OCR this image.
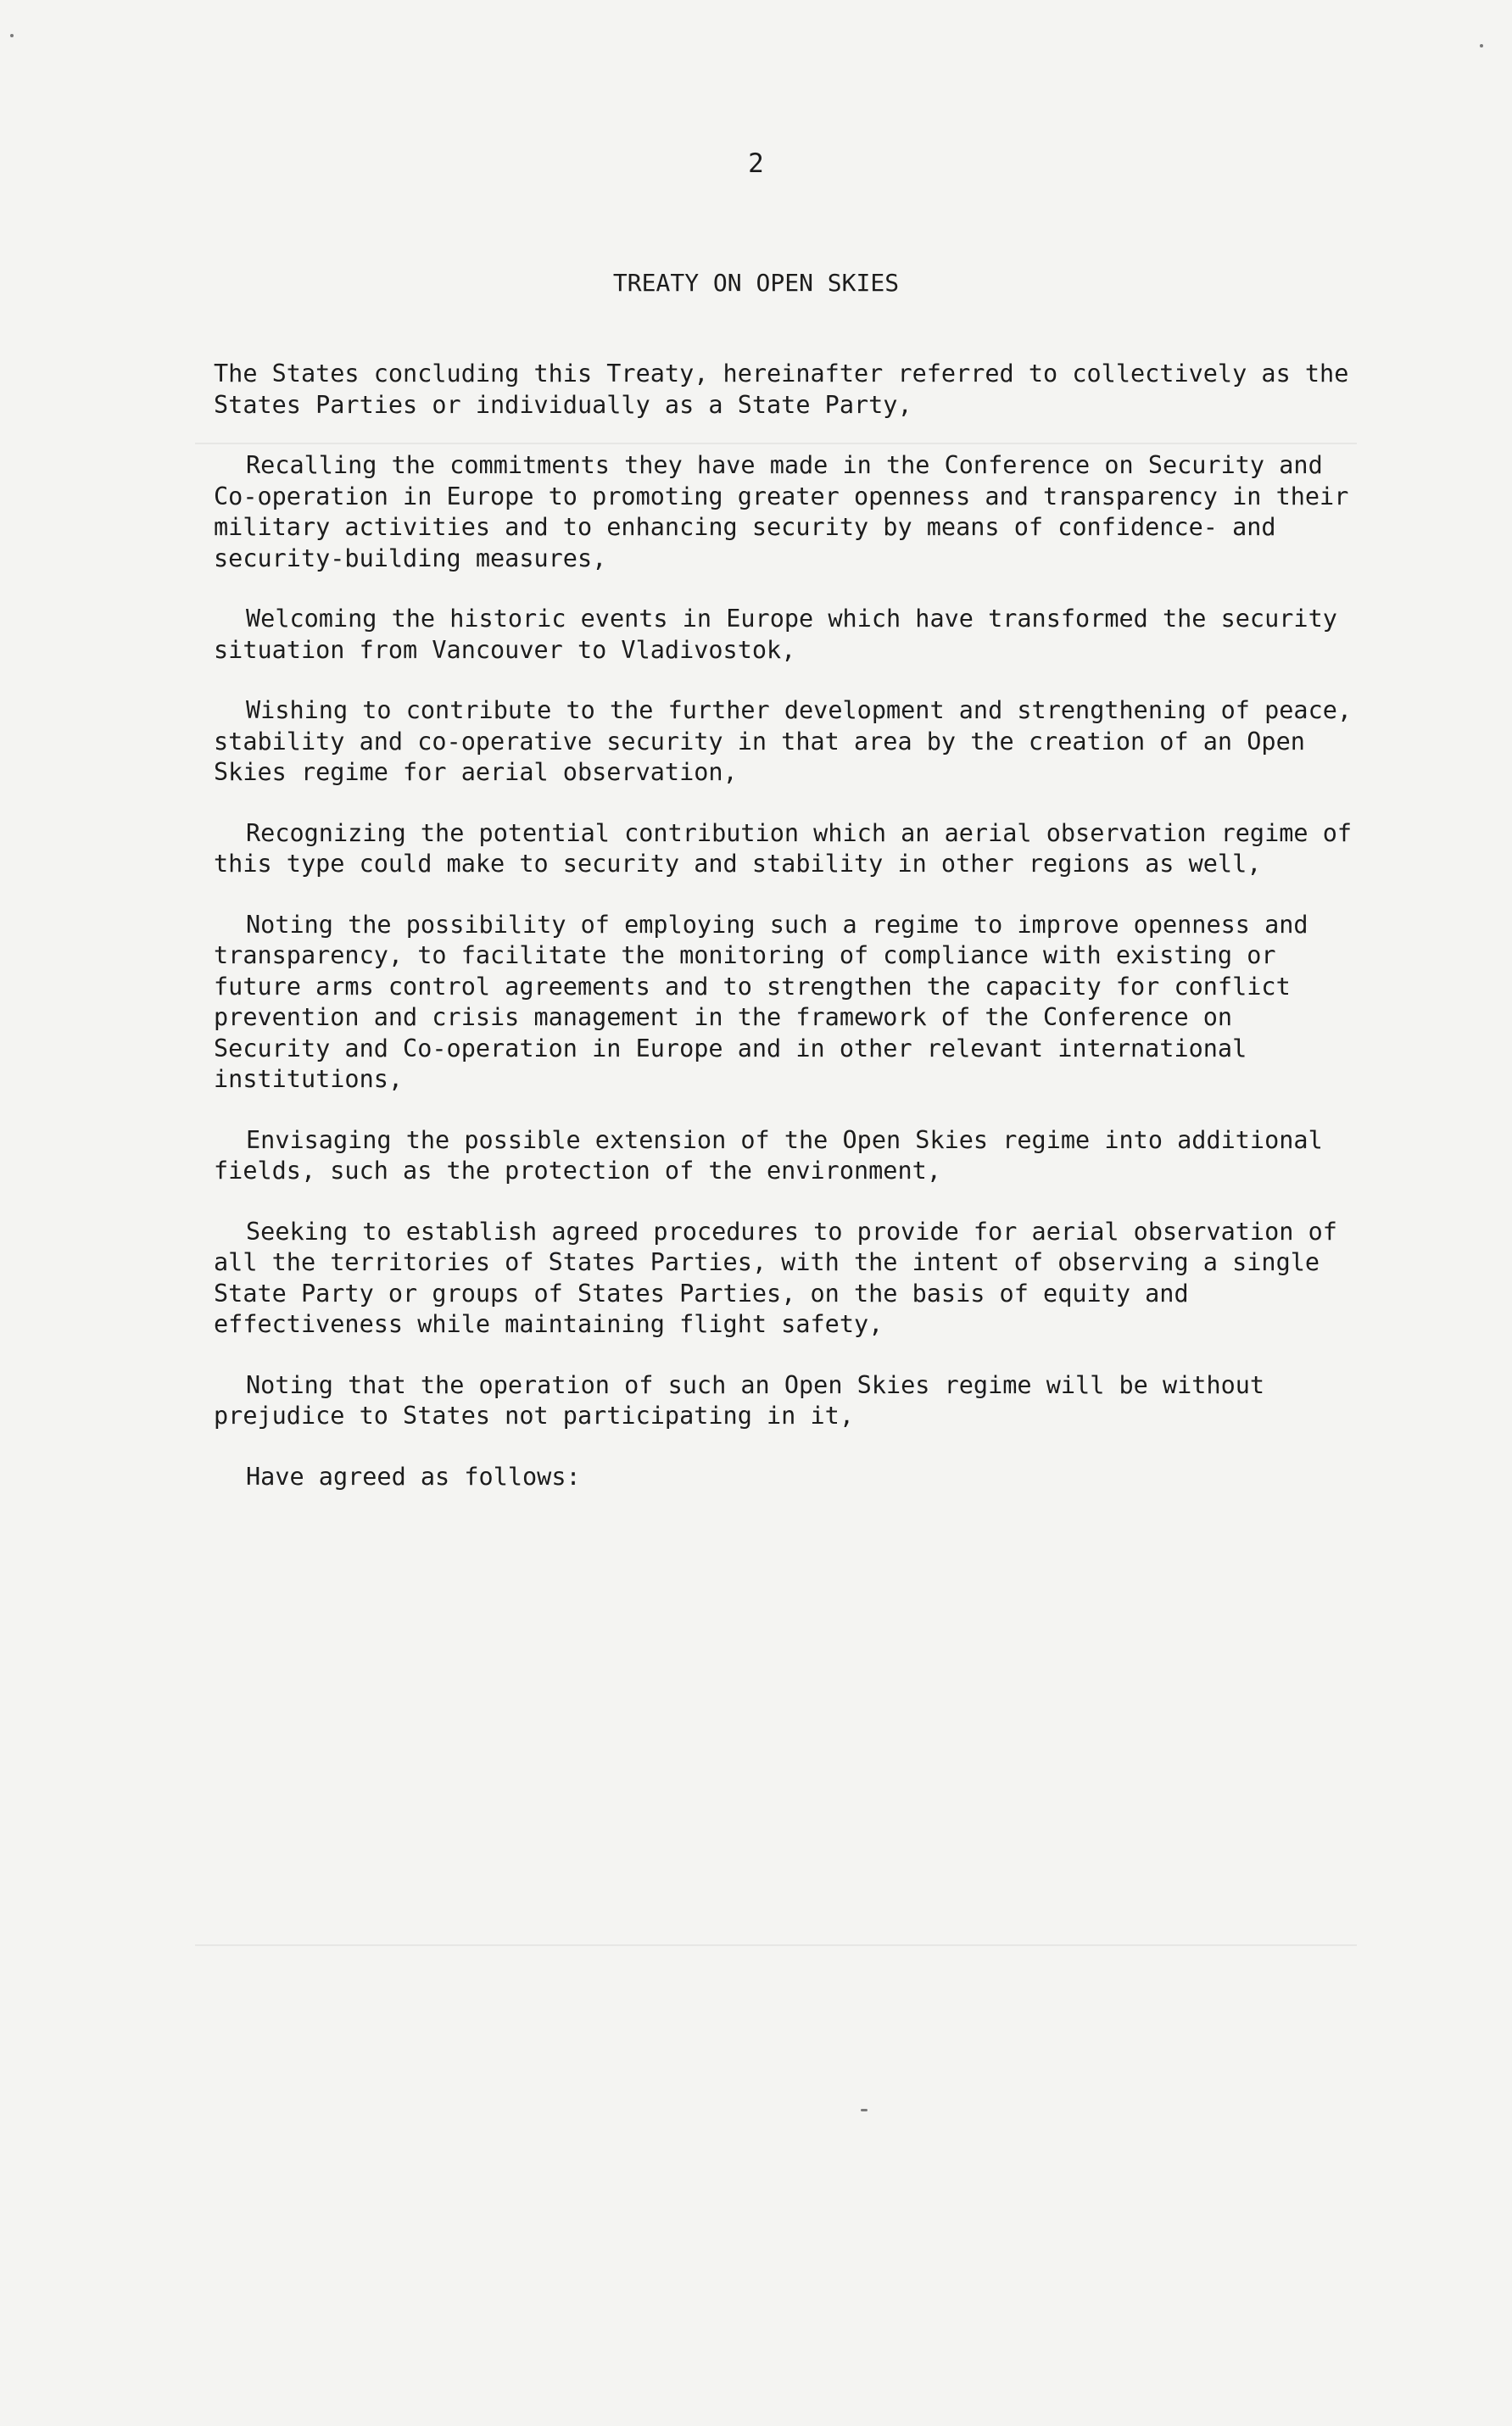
2
TREATY ON OPEN SKIES

The States concluding this Treaty, hereinafter referred to collectively as the
States Parties or individually as a State Party,

Recalling the commitments they have made in the Conference on Security and
Co-operation in Europe to promoting greater openness and transparency in their
military activities and to enhancing security by means of confidence- and
security-building measures,

Welcoming the historic events in Europe which have transformed the security
situation from Vancouver to Vladivostok,

Wishing to contribute to the further development and strengthening of peace,
stability and co-operative security in that area by the creation of an Open
Skies regime for aerial observation,

Recognizing the potential contribution which an aerial observation regime of
this type could make to security and stability in other regions as well,

Noting the possibility of employing such a regime to improve openness and
transparency, to facilitate the monitoring of compliance with existing or
future arms control agreements and to strengthen the capacity for conflict
prevention and crisis management in the framework of the Conference on
Security and Co-operation in Europe and in other relevant international
institutions,

Envisaging the possible extension of the Open Skies regime into additional
fields, such as the protection of the environment,

Seeking to establish agreed procedures to provide for aerial observation of
all the territories of States Parties, with the intent of observing a single
State Party or groups of States Parties, on the basis of equity and
effectiveness while maintaining flight safety,

Noting that the operation of such an Open Skies regime will be without
prejudice to States not participating in it,

Have agreed as follows:
